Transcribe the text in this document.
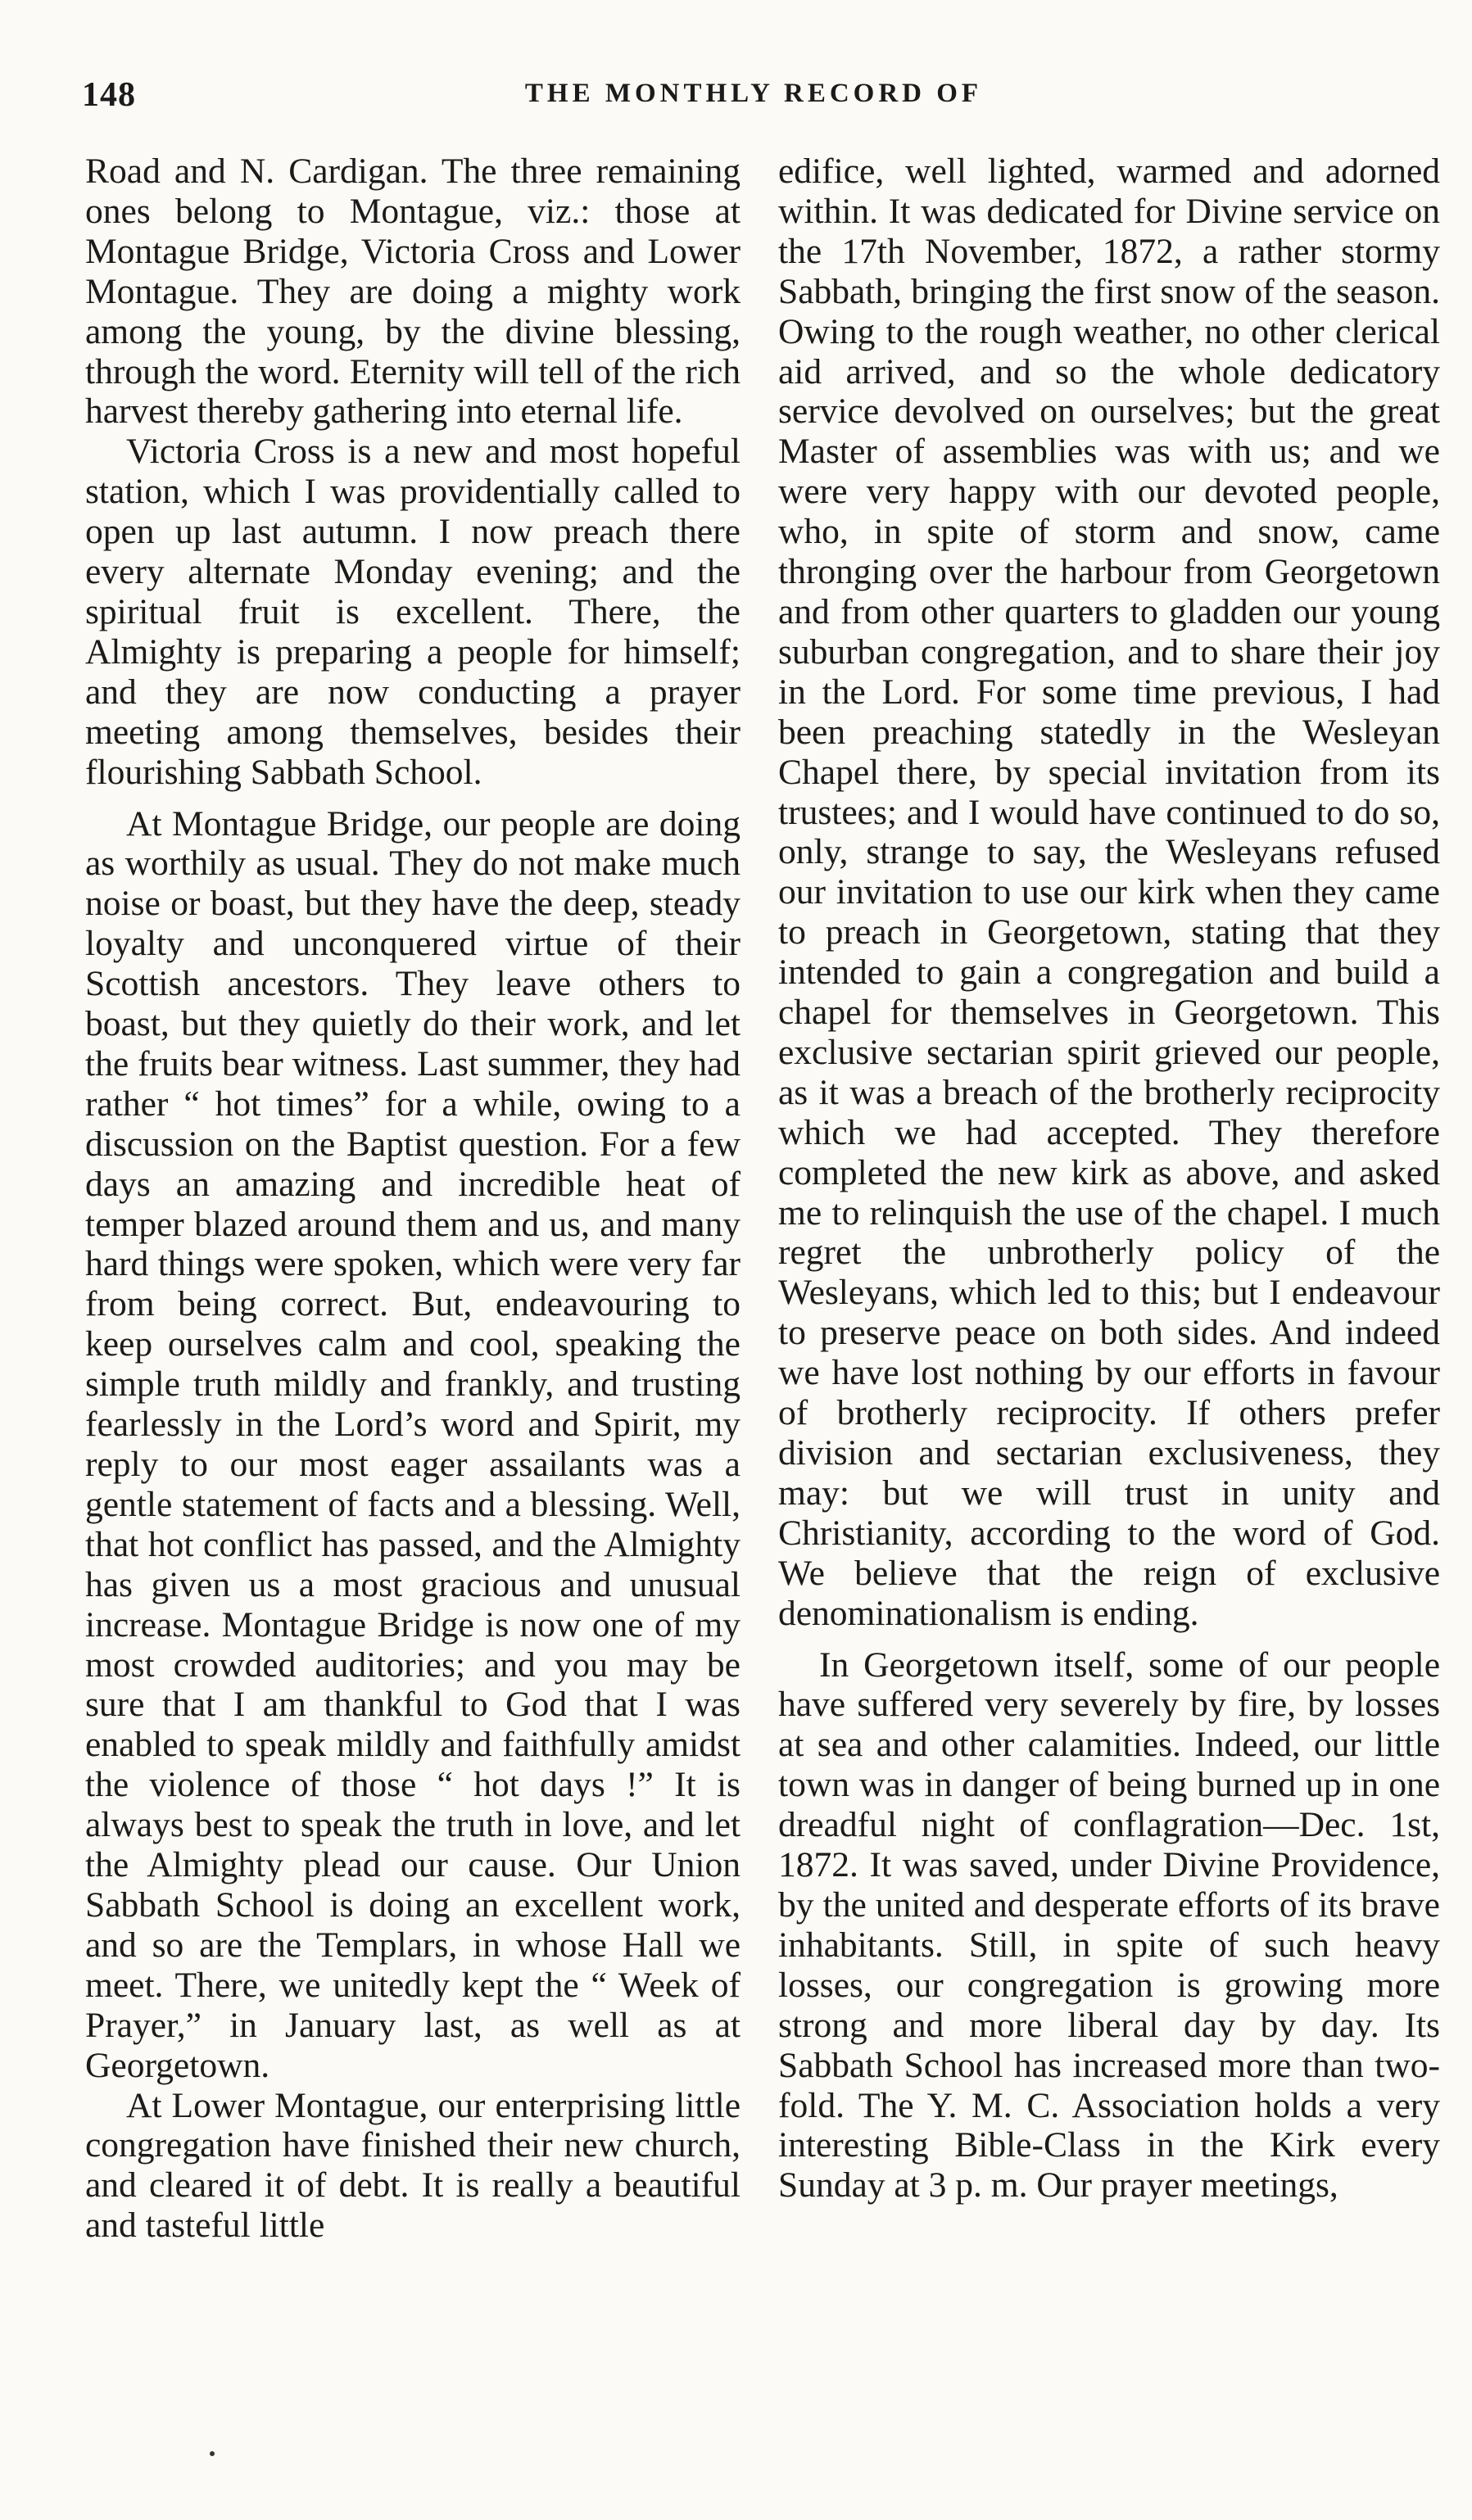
148	THE MONTHLY RECORD OF

Road and N. Cardigan. The three remaining ones belong to Montague, viz.: those at Montague Bridge, Victoria Cross and Lower Montague. They are doing a mighty work among the young, by the divine blessing, through the word. Eternity will tell of the rich harvest thereby gathering into eternal life.

Victoria Cross is a new and most hopeful station, which I was providentially called to open up last autumn. I now preach there every alternate Monday evening; and the spiritual fruit is excellent. There, the Almighty is preparing a people for himself; and they are now conducting a prayer meeting among themselves, besides their flourishing Sabbath School.

At Montague Bridge, our people are doing as worthily as usual. They do not make much noise or boast, but they have the deep, steady loyalty and unconquered virtue of their Scottish ancestors. They leave others to boast, but they quietly do their work, and let the fruits bear witness. Last summer, they had rather “ hot times” for a while, owing to a discussion on the Baptist question. For a few days an amazing and incredible heat of temper blazed around them and us, and many hard things were spoken, which were very far from being correct. But, endeavouring to keep ourselves calm and cool, speaking the simple truth mildly and frankly, and trusting fearlessly in the Lord’s word and Spirit, my reply to our most eager assailants was a gentle statement of facts and a blessing. Well, that hot conflict has passed, and the Almighty has given us a most gracious and unusual increase. Montague Bridge is now one of my most crowded auditories; and you may be sure that I am thankful to God that I was enabled to speak mildly and faithfully amidst the violence of those “ hot days !” It is always best to speak the truth in love, and let the Almighty plead our cause. Our Union Sabbath School is doing an excellent work, and so are the Templars, in whose Hall we meet. There, we unitedly kept the “ Week of Prayer,” in January last, as well as at Georgetown.

At Lower Montague, our enterprising little congregation have finished their new church, and cleared it of debt. It is really a beautiful and tasteful little

edifice, well lighted, warmed and adorned within. It was dedicated for Divine service on the 17th November, 1872, a rather stormy Sabbath, bringing the first snow of the season. Owing to the rough weather, no other clerical aid arrived, and so the whole dedicatory service devolved on ourselves; but the great Master of assemblies was with us; and we were very happy with our devoted people, who, in spite of storm and snow, came thronging over the harbour from Georgetown and from other quarters to gladden our young suburban congregation, and to share their joy in the Lord. For some time previous, I had been preaching statedly in the Wesleyan Chapel there, by special invitation from its trustees; and I would have continued to do so, only, strange to say, the Wesleyans refused our invitation to use our kirk when they came to preach in Georgetown, stating that they intended to gain a congregation and build a chapel for themselves in Georgetown. This exclusive sectarian spirit grieved our people, as it was a breach of the brotherly reciprocity which we had accepted. They therefore completed the new kirk as above, and asked me to relinquish the use of the chapel. I much regret the unbrotherly policy of the Wesleyans, which led to this; but I endeavour to preserve peace on both sides. And indeed we have lost nothing by our efforts in favour of brotherly reciprocity. If others prefer division and sectarian exclusiveness, they may: but we will trust in unity and Christianity, according to the word of God. We believe that the reign of exclusive denominationalism is ending.

In Georgetown itself, some of our people have suffered very severely by fire, by losses at sea and other calamities. Indeed, our little town was in danger of being burned up in one dreadful night of conflagration—Dec. 1st, 1872. It was saved, under Divine Providence, by the united and desperate efforts of its brave inhabitants. Still, in spite of such heavy losses, our congregation is growing more strong and more liberal day by day. Its Sabbath School has increased more than two-fold. The Y. M. C. Association holds a very interesting Bible-Class in the Kirk every Sunday at 3 p. m. Our prayer meetings,
